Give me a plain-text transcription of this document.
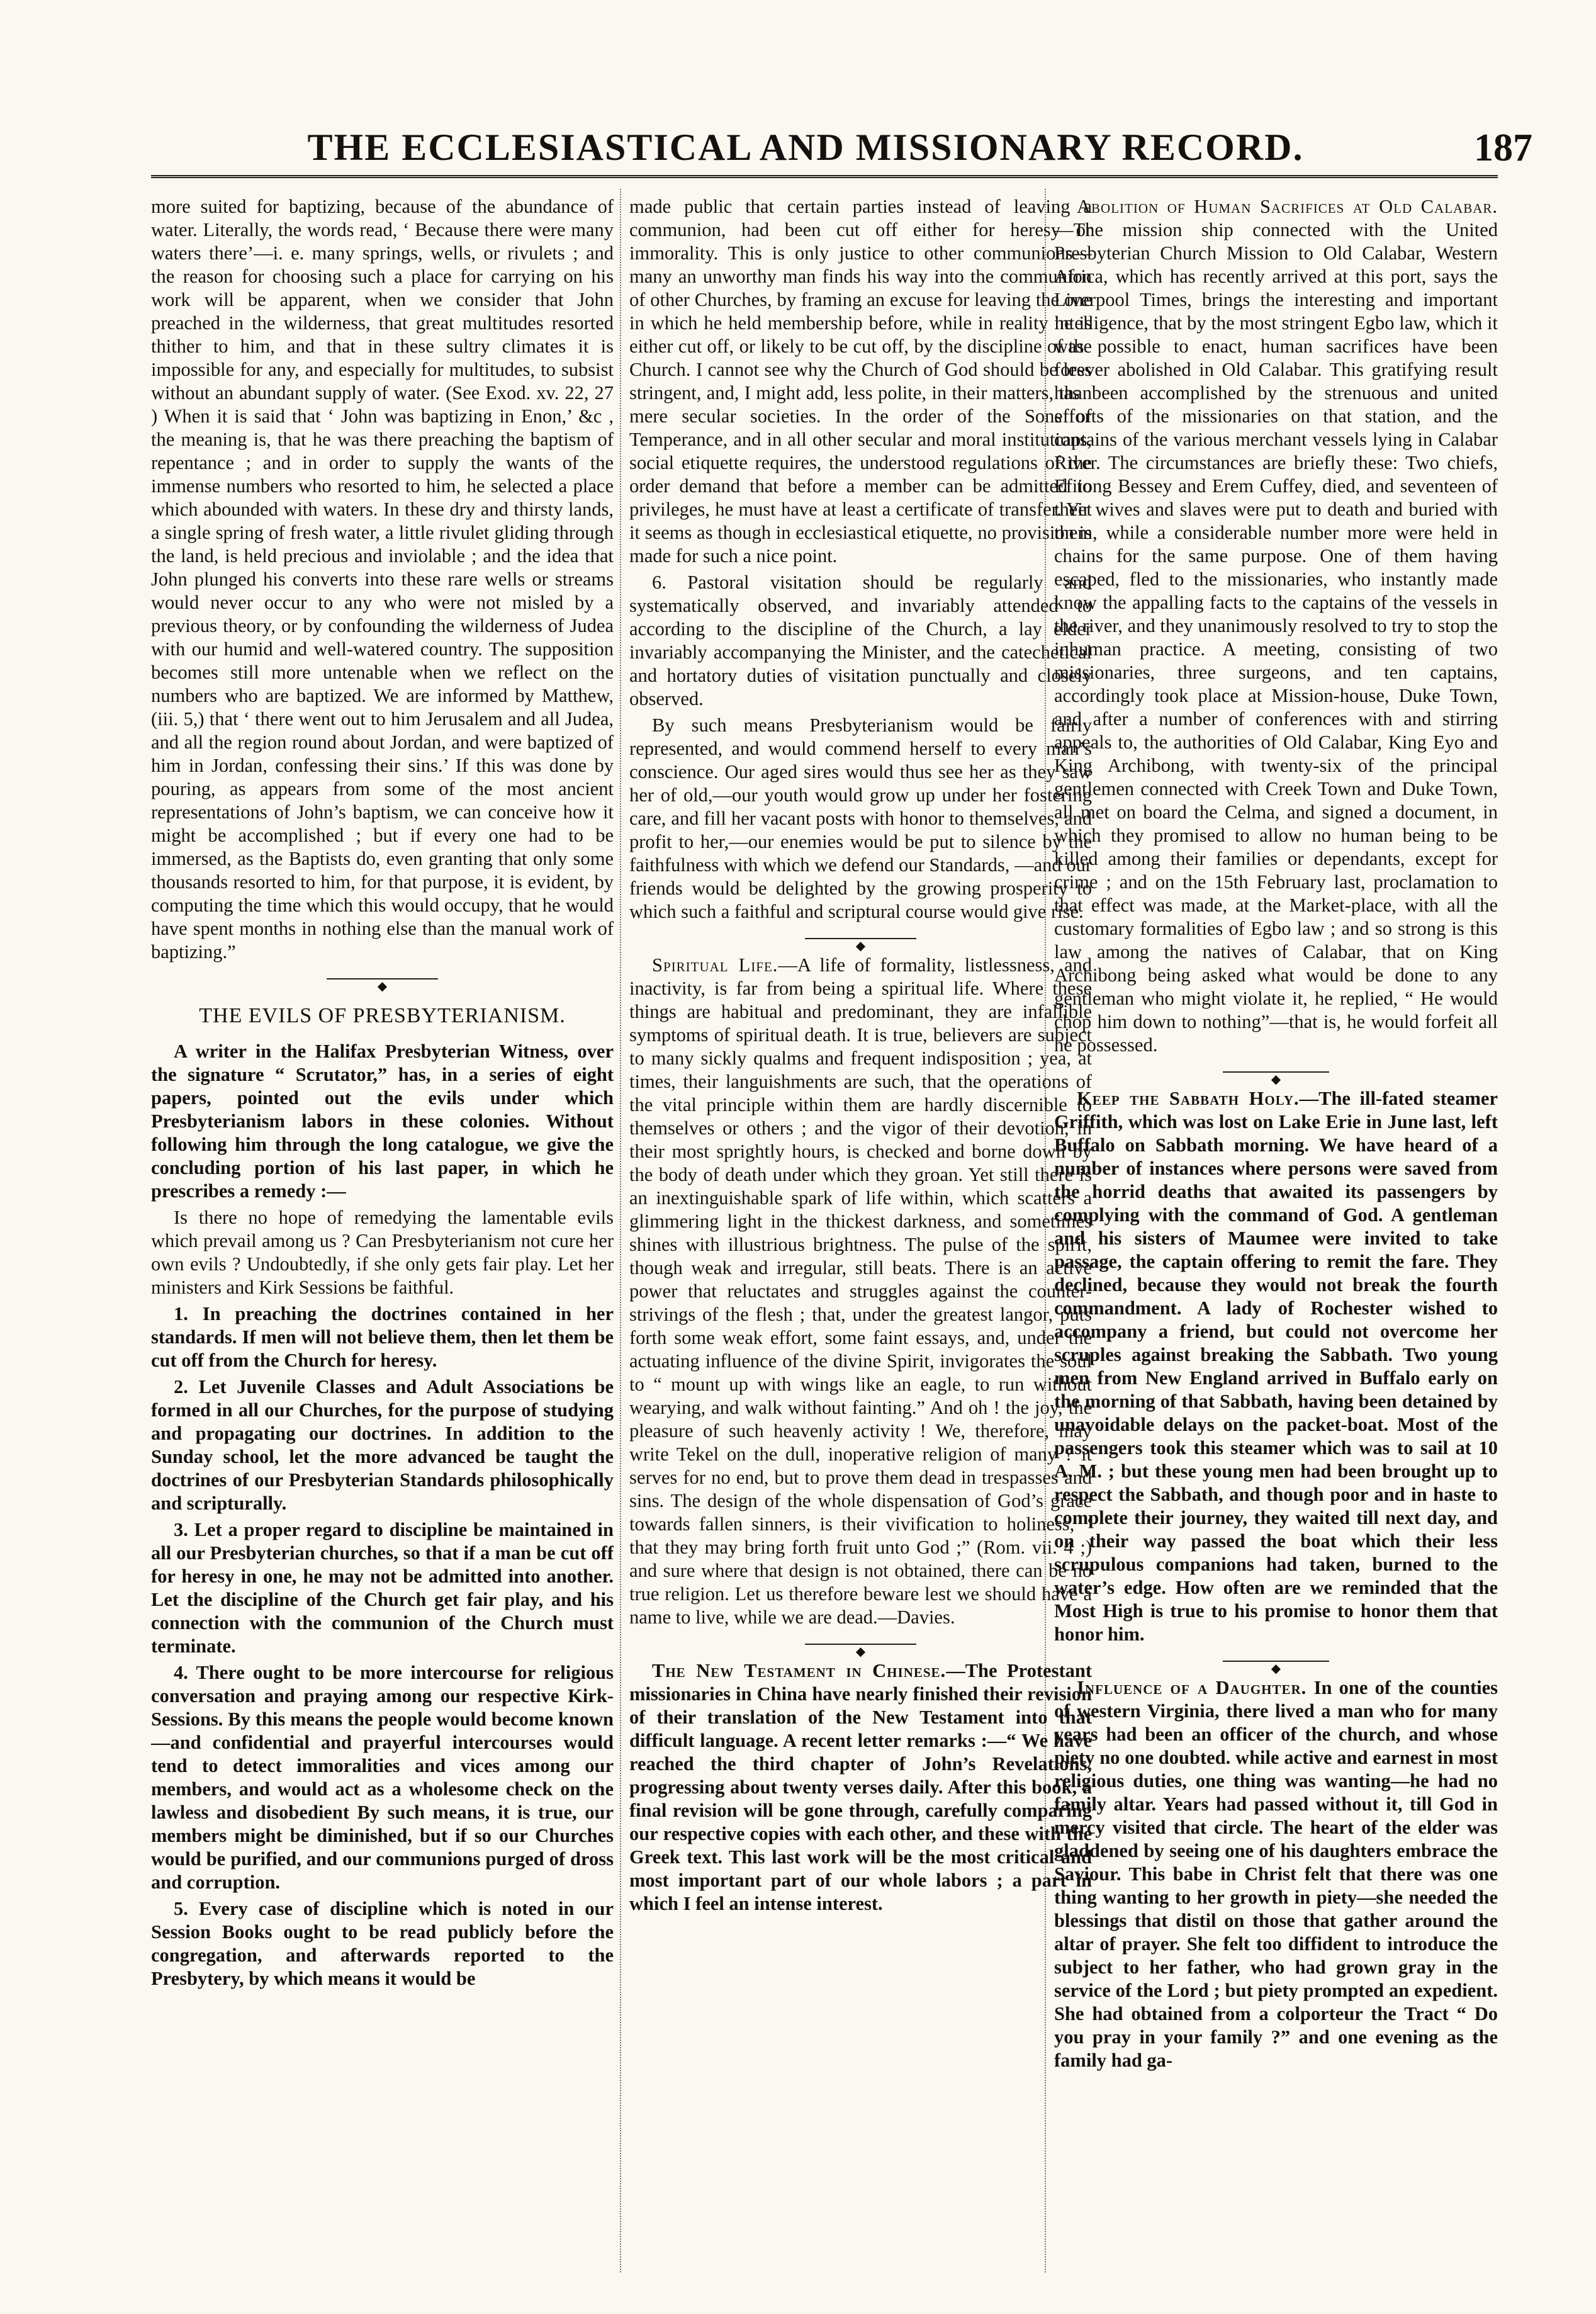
THE ECCLESIASTICAL AND MISSIONARY RECORD.	187

more suited for baptizing, because of the abundance of water. Literally, the words read, ‘ Because there were many waters there’—i. e. many springs, wells, or rivulets ; and the reason for choosing such a place for carrying on his work will be apparent, when we consider that John preached in the wilderness, that great multitudes resorted thither to him, and that in these sultry climates it is impossible for any, and especially for multitudes, to subsist without an abundant supply of water. (See Exod. xv. 22, 27 ) When it is said that ‘ John was baptizing in Enon,’ &c , the meaning is, that he was there preaching the baptism of repentance ; and in order to supply the wants of the immense numbers who resorted to him, he selected a place which abounded with waters. In these dry and thirsty lands, a single spring of fresh water, a little rivulet gliding through the land, is held precious and inviolable ; and the idea that John plunged his converts into these rare wells or streams would never occur to any who were not misled by a previous theory, or by confounding the wilderness of Judea with our humid and well-watered country. The supposition becomes still more untenable when we reflect on the numbers who are baptized. We are informed by Matthew, (iii. 5,) that ‘ there went out to him Jerusalem and all Judea, and all the region round about Jordan, and were baptized of him in Jordan, confessing their sins.’ If this was done by pouring, as appears from some of the most ancient representations of John’s baptism, we can conceive how it might be accomplished ; but if every one had to be immersed, as the Baptists do, even granting that only some thousands resorted to him, for that purpose, it is evident, by computing the time which this would occupy, that he would have spent months in nothing else than the manual work of baptizing.”

◆
THE EVILS OF PRESBYTERIANISM.

A writer in the Halifax Presbyterian Witness, over the signature “ Scrutator,” has, in a series of eight papers, pointed out the evils under which Presbyterianism labors in these colonies. Without following him through the long catalogue, we give the concluding portion of his last paper, in which he prescribes a remedy :—

Is there no hope of remedying the lamentable evils which prevail among us ? Can Presbyterianism not cure her own evils ? Undoubtedly, if she only gets fair play. Let her ministers and Kirk Sessions be faithful.

1. In preaching the doctrines contained in her standards. If men will not believe them, then let them be cut off from the Church for heresy.

2. Let Juvenile Classes and Adult Associations be formed in all our Churches, for the purpose of studying and propagating our doctrines. In addition to the Sunday school, let the more advanced be taught the doctrines of our Presbyterian Standards philosophically and scripturally.

3. Let a proper regard to discipline be maintained in all our Presbyterian churches, so that if a man be cut off for heresy in one, he may not be admitted into another. Let the discipline of the Church get fair play, and his connection with the communion of the Church must terminate.

4. There ought to be more intercourse for religious conversation and praying among our respective Kirk-Sessions. By this means the people would become known—and confidential and prayerful intercourses would tend to detect immoralities and vices among our members, and would act as a wholesome check on the lawless and disobedient By such means, it is true, our members might be diminished, but if so our Churches would be purified, and our communions purged of dross and corruption.

5. Every case of discipline which is noted in our Session Books ought to be read publicly before the congregation, and afterwards reported to the Presbytery, by which means it would be

made public that certain parties instead of leaving a communion, had been cut off either for heresy or immorality. This is only justice to other communions—many an unworthy man finds his way into the communion of other Churches, by framing an excuse for leaving the one in which he held membership before, while in reality he is either cut off, or likely to be cut off, by the discipline of the Church. I cannot see why the Church of God should be less stringent, and, I might add, less polite, in their matters, than mere secular societies. In the order of the Sons of Temperance, and in all other secular and moral institutions, social etiquette requires, the understood regulations of the order demand that before a member can be admitted to privileges, he must have at least a certificate of transfer. Yet it seems as though in ecclesiastical etiquette, no provision is made for such a nice point.

6. Pastoral visitation should be regularly and systematically observed, and invariably attended to according to the discipline of the Church, a lay elder invariably accompanying the Minister, and the catechetical and hortatory duties of visitation punctually and closely observed.

By such means Presbyterianism would be fairly represented, and would commend herself to every man’s conscience. Our aged sires would thus see her as they saw her of old,—our youth would grow up under her fostering care, and fill her vacant posts with honor to themselves, and profit to her,—our enemies would be put to silence by the faithfulness with which we defend our Standards, —and our friends would be delighted by the growing prosperity to which such a faithful and scriptural course would give rise.

◆

Spiritual Life.—A life of formality, listlessness, and inactivity, is far from being a spiritual life. Where these things are habitual and predominant, they are infallible symptoms of spiritual death. It is true, believers are subject to many sickly qualms and frequent indisposition ; yea, at times, their languishments are such, that the operations of the vital principle within them are hardly discernible to themselves or others ; and the vigor of their devotion, in their most sprightly hours, is checked and borne down by the body of death under which they groan. Yet still there is an inextinguishable spark of life within, which scatters a glimmering light in the thickest darkness, and sometimes shines with illustrious brightness. The pulse of the spirit, though weak and irregular, still beats. There is an active power that reluctates and struggles against the counter-strivings of the flesh ; that, under the greatest langor, puts forth some weak effort, some faint essays, and, under the actuating influence of the divine Spirit, invigorates the soul to “ mount up with wings like an eagle, to run without wearying, and walk without fainting.” And oh ! the joy, the pleasure of such heavenly activity ! We, therefore, may write Tekel on the dull, inoperative religion of many ? it serves for no end, but to prove them dead in trespasses and sins. The design of the whole dispensation of God’s grace towards fallen sinners, is their vivification to holiness, “ that they may bring forth fruit unto God ;” (Rom. vii. 4 ;) and sure where that design is not obtained, there can be no true religion. Let us therefore beware lest we should have a name to live, while we are dead.—Davies.

◆

The New Testament in Chinese.—The Protestant missionaries in China have nearly finished their revision of their translation of the New Testament into that difficult language. A recent letter remarks :—“ We have reached the third chapter of John’s Revelations, progressing about twenty verses daily. After this book, a final revision will be gone through, carefully comparing our respective copies with each other, and these with the Greek text. This last work will be the most critical and most important part of our whole labors ; a part in which I feel an intense interest.

Abolition of Human Sacrifices at Old Calabar.—The mission ship connected with the United Presbyterian Church Mission to Old Calabar, Western Africa, which has recently arrived at this port, says the Liverpool Times, brings the interesting and important intelligence, that by the most stringent Egbo law, which it was possible to enact, human sacrifices have been forever abolished in Old Calabar. This gratifying result has been accomplished by the strenuous and united efforts of the missionaries on that station, and the captains of the various merchant vessels lying in Calabar River. The circumstances are briefly these: Two chiefs, Efiiong Bessey and Erem Cuffey, died, and seventeen of their wives and slaves were put to death and buried with them, while a considerable number more were held in chains for the same purpose. One of them having escaped, fled to the missionaries, who instantly made know the appalling facts to the captains of the vessels in the river, and they unanimously resolved to try to stop the inhuman practice. A meeting, consisting of two missionaries, three surgeons, and ten captains, accordingly took place at Mission-house, Duke Town, and after a number of conferences with and stirring appeals to, the authorities of Old Calabar, King Eyo and King Archibong, with twenty-six of the principal gentlemen connected with Creek Town and Duke Town, all met on board the Celma, and signed a document, in which they promised to allow no human being to be killed among their families or dependants, except for crime ; and on the 15th February last, proclamation to that effect was made, at the Market-place, with all the customary formalities of Egbo law ; and so strong is this law among the natives of Calabar, that on King Archibong being asked what would be done to any gentleman who might violate it, he replied, “ He would chop him down to nothing”—that is, he would forfeit all he possessed.

◆

Keep the Sabbath Holy.—The ill-fated steamer Griffith, which was lost on Lake Erie in June last, left Buffalo on Sabbath morning. We have heard of a number of instances where persons were saved from the horrid deaths that awaited its passengers by complying with the command of God. A gentleman and his sisters of Maumee were invited to take passage, the captain offering to remit the fare. They declined, because they would not break the fourth commandment. A lady of Rochester wished to accompany a friend, but could not overcome her scruples against breaking the Sabbath. Two young men from New England arrived in Buffalo early on the morning of that Sabbath, having been detained by unavoidable delays on the packet-boat. Most of the passengers took this steamer which was to sail at 10 A. M. ; but these young men had been brought up to respect the Sabbath, and though poor and in haste to complete their journey, they waited till next day, and on their way passed the boat which their less scrupulous companions had taken, burned to the water’s edge. How often are we reminded that the Most High is true to his promise to honor them that honor him.

◆

Influence of a Daughter. In one of the counties of western Virginia, there lived a man who for many years had been an officer of the church, and whose piety no one doubted. while active and earnest in most religious duties, one thing was wanting—he had no family altar. Years had passed without it, till God in mercy visited that circle. The heart of the elder was gladdened by seeing one of his daughters embrace the Saviour. This babe in Christ felt that there was one thing wanting to her growth in piety—she needed the blessings that distil on those that gather around the altar of prayer. She felt too diffident to introduce the subject to her father, who had grown gray in the service of the Lord ; but piety prompted an expedient. She had obtained from a colporteur the Tract “ Do you pray in your family ?” and one evening as the family had ga-
